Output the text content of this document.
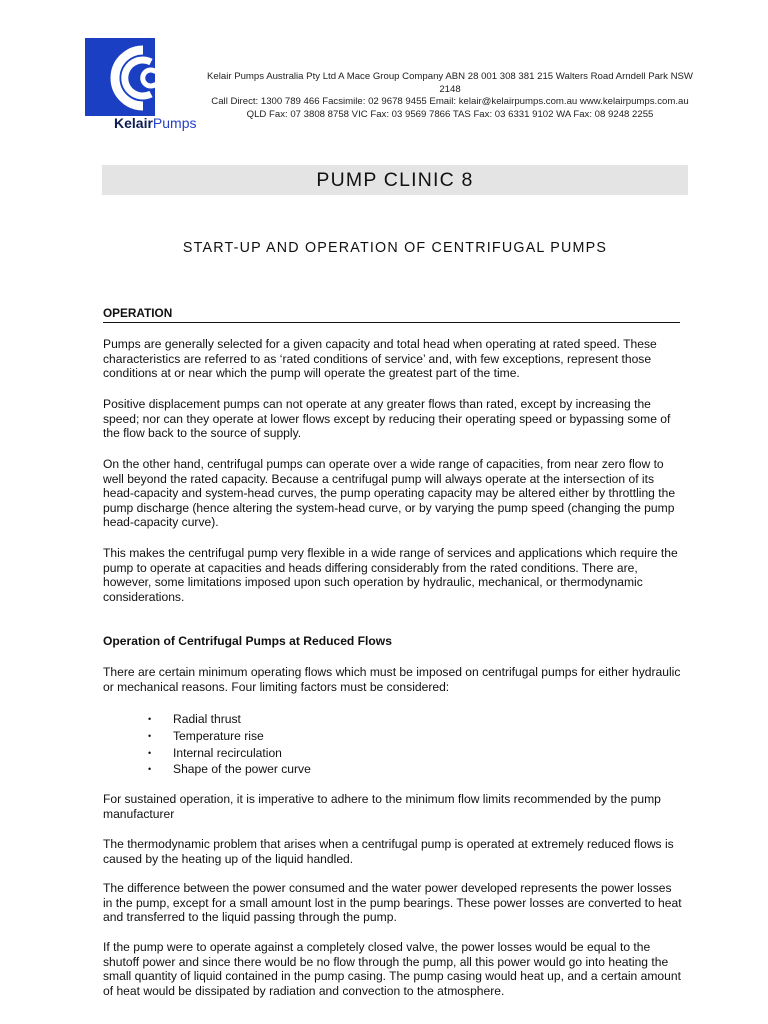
KelairPumps
Kelair Pumps Australia Pty Ltd A Mace Group Company ABN 28 001 308 381 215 Walters Road Arndell Park NSW 2148
Call Direct: 1300 789 466 Facsimile: 02 9678 9455 Email: kelair@kelairpumps.com.au www.kelairpumps.com.au
QLD Fax: 07 3808 8758 VIC Fax: 03 9569 7866 TAS Fax: 03 6331 9102 WA Fax: 08 9248 2255
PUMP CLINIC 8
START-UP AND OPERATION OF CENTRIFUGAL PUMPS
OPERATION
Pumps are generally selected for a given capacity and total head when operating at rated speed. These characteristics are referred to as ‘rated conditions of service’ and, with few exceptions, represent those conditions at or near which the pump will operate the greatest part of the time.
Positive displacement pumps can not operate at any greater flows than rated, except by increasing the speed; nor can they operate at lower flows except by reducing their operating speed or bypassing some of the flow back to the source of supply.
On the other hand, centrifugal pumps can operate over a wide range of capacities, from near zero flow to well beyond the rated capacity. Because a centrifugal pump will always operate at the intersection of its head-capacity and system-head curves, the pump operating capacity may be altered either by throttling the pump discharge (hence altering the system-head curve, or by varying the pump speed (changing the pump head-capacity curve).
This makes the centrifugal pump very flexible in a wide range of services and applications which require the pump to operate at capacities and heads differing considerably from the rated conditions. There are, however, some limitations imposed upon such operation by hydraulic, mechanical, or thermodynamic considerations.
Operation of Centrifugal Pumps at Reduced Flows
There are certain minimum operating flows which must be imposed on centrifugal pumps for either hydraulic or mechanical reasons. Four limiting factors must be considered:
• Radial thrust
• Temperature rise
• Internal recirculation
• Shape of the power curve
For sustained operation, it is imperative to adhere to the minimum flow limits recommended by the pump manufacturer
The thermodynamic problem that arises when a centrifugal pump is operated at extremely reduced flows is caused by the heating up of the liquid handled.
The difference between the power consumed and the water power developed represents the power losses in the pump, except for a small amount lost in the pump bearings. These power losses are converted to heat and transferred to the liquid passing through the pump.
If the pump were to operate against a completely closed valve, the power losses would be equal to the shutoff power and since there would be no flow through the pump, all this power would go into heating the small quantity of liquid contained in the pump casing. The pump casing would heat up, and a certain amount of heat would be dissipated by radiation and convection to the atmosphere.
